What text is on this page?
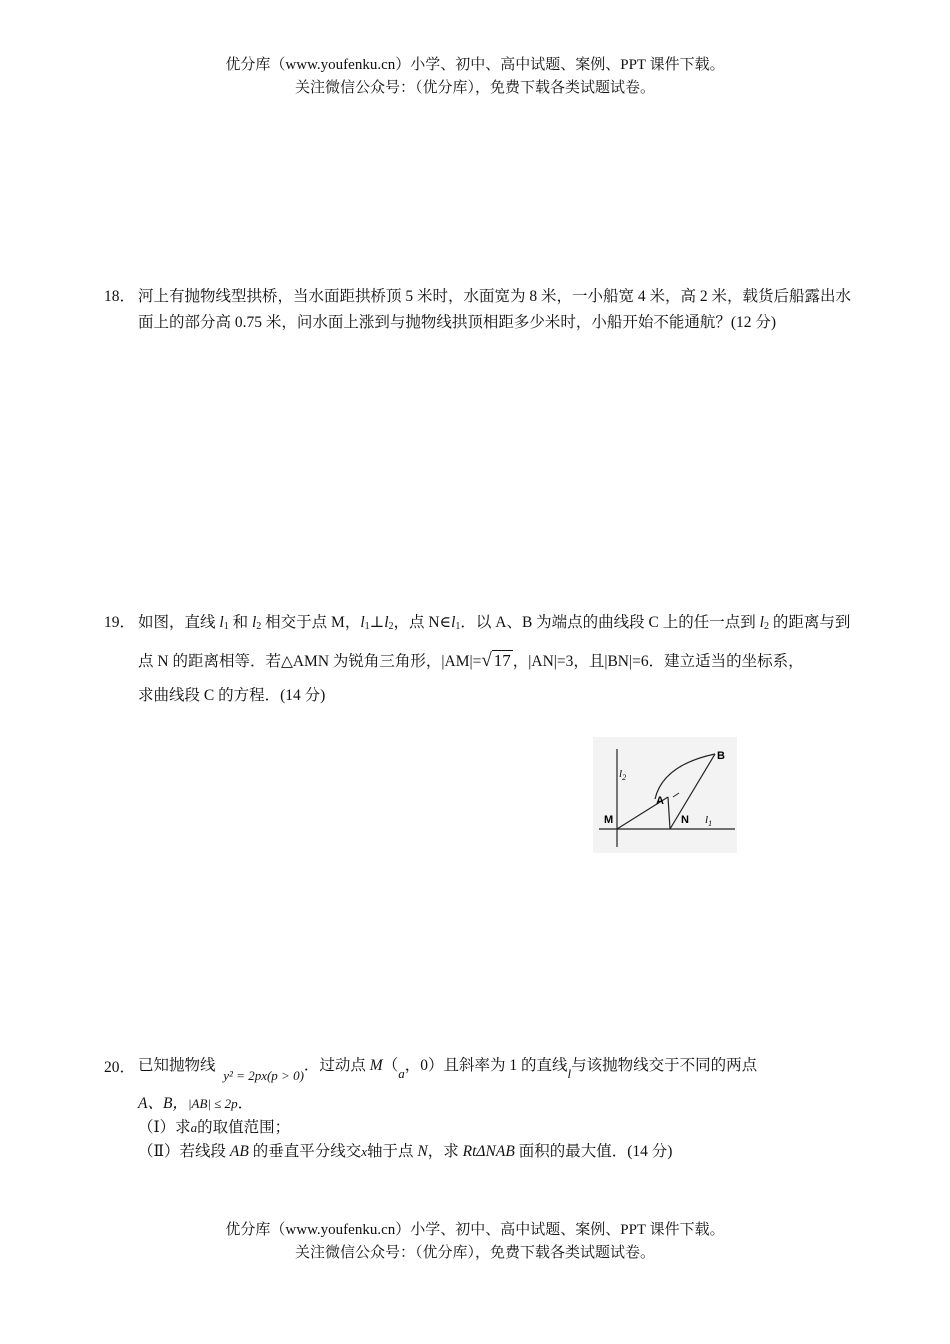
优分库（www.youfenku.cn）小学、初中、高中试题、案例、PPT 课件下载。
关注微信公众号：（优分库），免费下载各类试题试卷。
18． 河上有抛物线型拱桥，当水面距拱桥顶 5 米时，水面宽为 8 米，一小船宽 4 米，高 2 米，载货后船露出水面上的部分高 0.75 米，问水面上涨到与抛物线拱顶相距多少米时，小船开始不能通航？(12 分)
19． 如图，直线 $l_1$ 和 $l_2$ 相交于点 M，$l_1\perp l_2$，点 $N\in l_1$．以 A、B 为端点的曲线段 C 上的任一点到 $l_2$ 的距离与到点 N 的距离相等．若△AMN 为锐角三角形，|AM|=√ 17 ，|AN|=3，且|BN|=6．建立适当的坐标系，
求曲线段 C 的方程．(14 分)
B
$l_2$
A
M	N $l_1$
20． 已知抛物线  $_{y^2 = 2px(p > 0)}$．过动点 $M(_a$，0）且斜率为 1 的直线$_l$与该抛物线交于不同的两点
A、B，|AB| ≤ 2p．
（Ⅰ）求a的取值范围；
（Ⅱ）若线段 AB 的垂直平分线交x轴于点 N，求 RtΔNAB 面积的最大值．(14 分)
优分库（www.youfenku.cn）小学、初中、高中试题、案例、PPT 课件下载。
关注微信公众号：（优分库），免费下载各类试题试卷。
